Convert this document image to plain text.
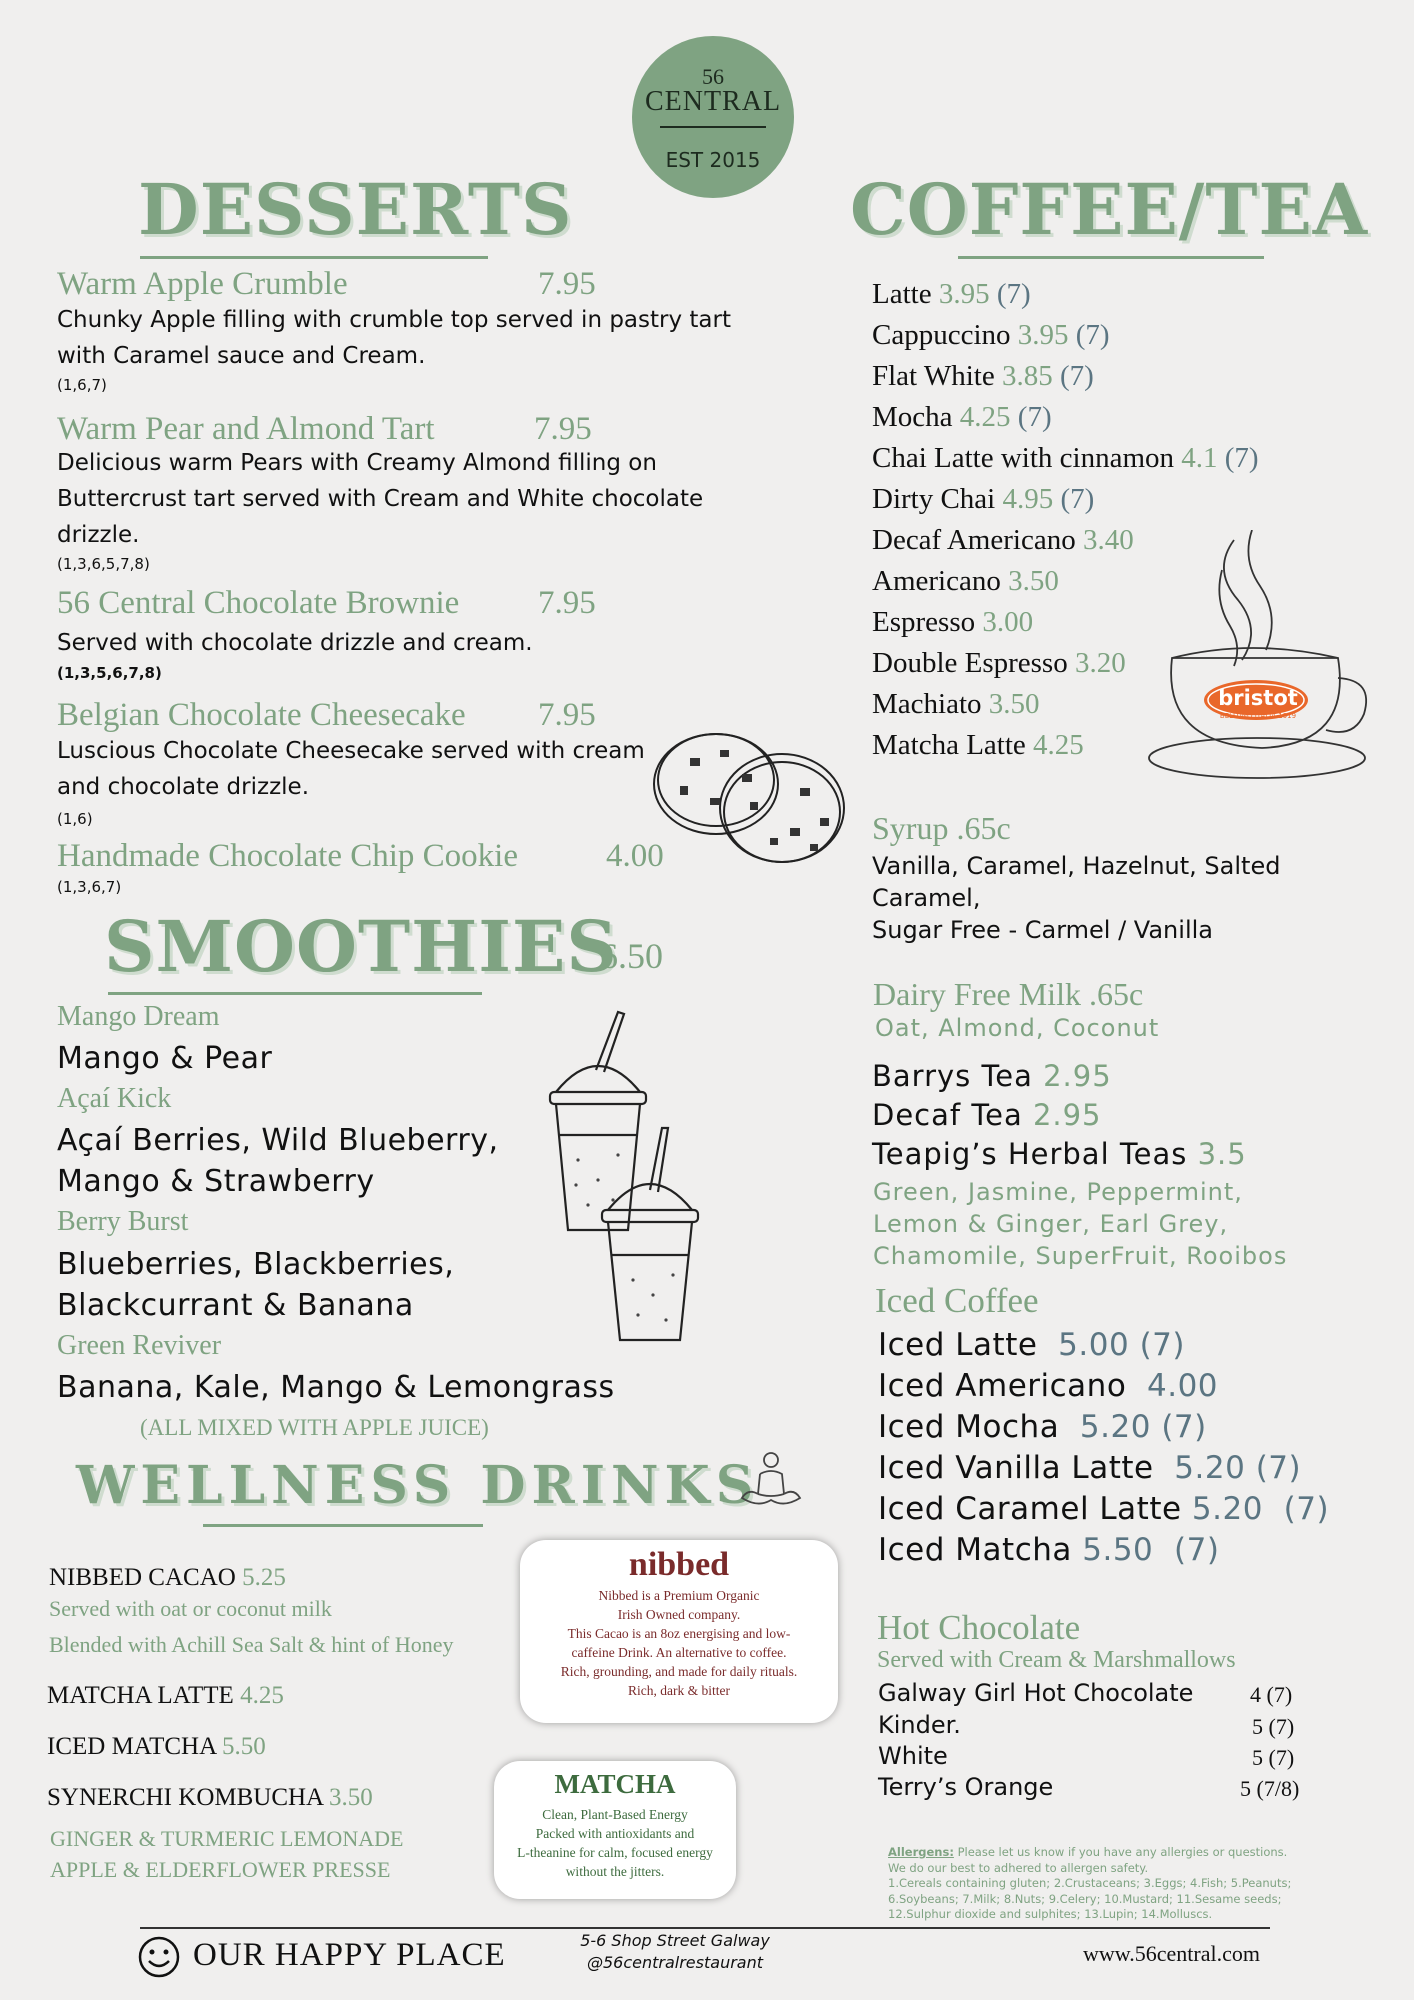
56
CENTRAL
EST 2015
DESSERTS
Warm Apple Crumble	7.95
Chunky Apple filling with crumble top served in pastry tart with Caramel sauce and Cream.
(1,6,7)
Warm Pear and Almond Tart	7.95
Delicious warm Pears with Creamy Almond filling on Buttercrust tart served with Cream and White chocolate drizzle.
(1,3,6,5,7,8)
56 Central Chocolate Brownie 7.95
Served with chocolate drizzle and cream.
(1,3,5,6,7,8)
Belgian Chocolate Cheesecake 7.95
Luscious Chocolate Cheesecake served with cream and chocolate drizzle.
(1,6)
Handmade Chocolate Chip Cookie	4.00
(1,3,6,7)
SMOOTHIES
6.50
Mango Dream
Mango & Pear
Açaí Kick
Açaí Berries, Wild Blueberry,
Mango & Strawberry
Berry Burst
Blueberries, Blackberries,
Blackcurrant & Banana
Green Reviver
Banana, Kale, Mango & Lemongrass
(ALL MIXED WITH APPLE JUICE)
WELLNESS DRINKS
NIBBED CACAO 5.25
Served with oat or coconut milk
Blended with Achill Sea Salt & hint of Honey
MATCHA LATTE 4.25
ICED MATCHA 5.50
SYNERCHI KOMBUCHA 3.50
GINGER & TURMERIC LEMONADE
APPLE & ELDERFLOWER PRESSE
nibbed
Nibbed is a Premium Organic
Irish Owned company.
This Cacao is an 8oz energising and low-
caffeine Drink. An alternative to coffee.
Rich, grounding, and made for daily rituals.
Rich, dark & bitter
MATCHA
Clean, Plant-Based Energy
Packed with antioxidants and
L-theanine for calm, focused energy
without the jitters.
COFFEE/TEA
Latte 3.95 (7)
Cappuccino 3.95 (7)
Flat White 3.85 (7)
Mocha 4.25 (7)
Chai Latte with cinnamon 4.1 (7)
Dirty Chai 4.95 (7)
Decaf Americano 3.40
Americano 3.50
Espresso 3.00
Double Espresso 3.20
Machiato 3.50
Matcha Latte 4.25
bristot
BELLUNO ITALIA 1919
Syrup .65c
Vanilla, Caramel, Hazelnut, Salted
Caramel,
Sugar Free - Carmel / Vanilla
Dairy Free Milk .65c
Oat, Almond, Coconut
Barrys Tea 2.95
Decaf Tea 2.95
Teapig’s Herbal Teas 3.5
Green, Jasmine, Peppermint,
Lemon & Ginger, Earl Grey,
Chamomile, SuperFruit, Rooibos
Iced Coffee
Iced Latte 5.00 (7)
Iced Americano 4.00
Iced Mocha 5.20 (7)
Iced Vanilla Latte 5.20 (7)
Iced Caramel Latte 5.20 (7)
Iced Matcha 5.50 (7)
Hot Chocolate
Served with Cream & Marshmallows
Galway Girl Hot Chocolate	4 (7)
Kinder.	5 (7)
White	5 (7)
Terry’s Orange	5 (7/8)
Allergens: Please let us know if you have any allergies or questions.
We do our best to adhered to allergen safety.
1.Cereals containing gluten; 2.Crustaceans; 3.Eggs; 4.Fish; 5.Peanuts;
6.Soybeans; 7.Milk; 8.Nuts; 9.Celery; 10.Mustard; 11.Sesame seeds;
12.Sulphur dioxide and sulphites; 13.Lupin; 14.Molluscs.
OUR HAPPY PLACE	5-6 Shop Street Galway
@56centralrestaurant	www.56central.com
